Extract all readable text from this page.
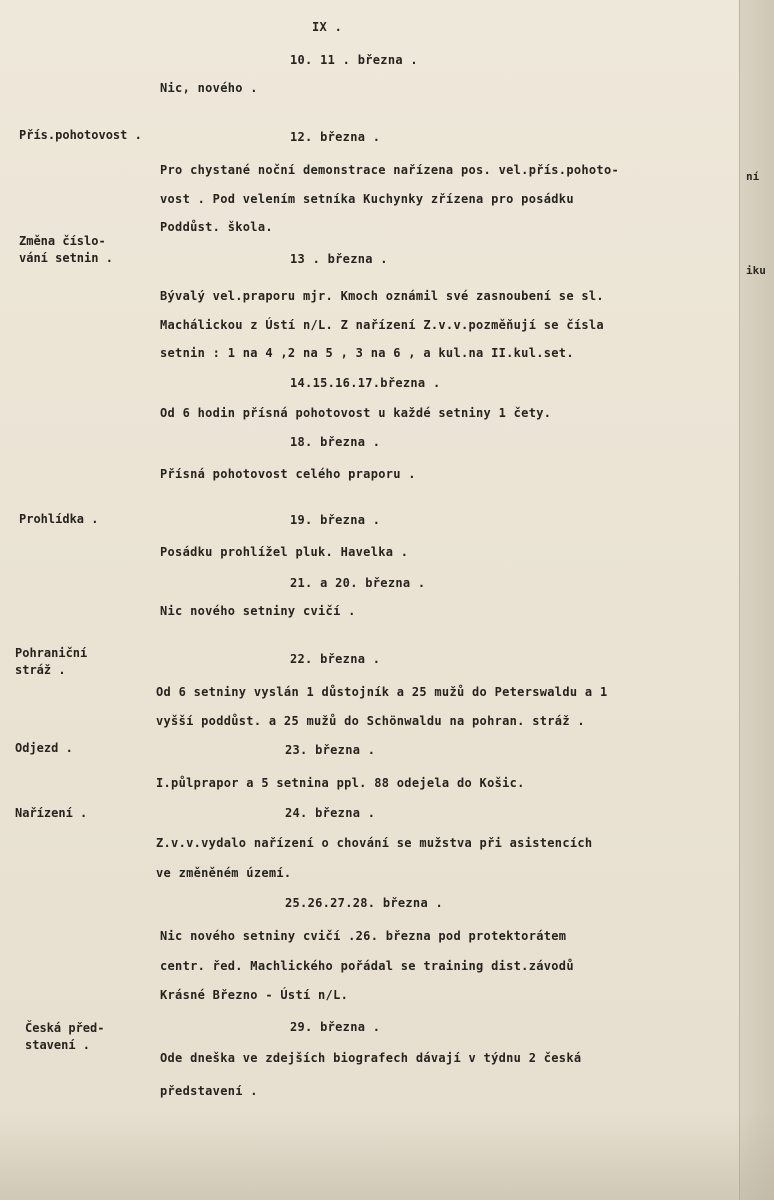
ní
iku
IX .
Přís.pohotovost .
Změna číslo-
vání setnin .
Prohlídka .
Pohraniční
stráž .
Odjezd .
Nařízení .
Česká před-
stavení .
10. 11 . března .
Nic, nového .
12. března .
Pro chystané noční demonstrace nařízena pos. vel.přís.pohoto-
vost . Pod velením setníka Kuchynky zřízena pro posádku
Poddůst. škola.
13 . března .
Bývalý vel.praporu mjr. Kmoch oznámil své zasnoubení se sl.
Machálickou z Ústí n/L. Z nařízení Z.v.v.pozměňují se čísla
setnin : 1 na 4 ,2 na 5 , 3 na 6 , a kul.na II.kul.set.
14.15.16.17.března .
Od 6 hodin přísná pohotovost u každé setniny 1 čety.
18. března .
Přísná pohotovost celého praporu .
19. března .
Posádku prohlížel pluk. Havelka .
21. a 20. března .
Nic nového setniny cvičí .
22. března .
Od 6 setniny vyslán 1 důstojník a 25 mužů do Peterswaldu a 1
vyšší poddůst. a 25 mužů do Schönwaldu na pohran. stráž .
23. března .
I.půlprapor a 5 setnina ppl. 88 odejela do Košic.
24. března .
Z.v.v.vydalo nařízení o chování se mužstva při asistencích
ve změněném území.
25.26.27.28. března .
Nic nového setniny cvičí .26. března pod protektorátem
centr. řed. Machlického pořádal se training dist.závodů
Krásné Březno - Ústí n/L.
29. března .
Ode dneška ve zdejších biografech dávají v týdnu 2 česká
představení .
